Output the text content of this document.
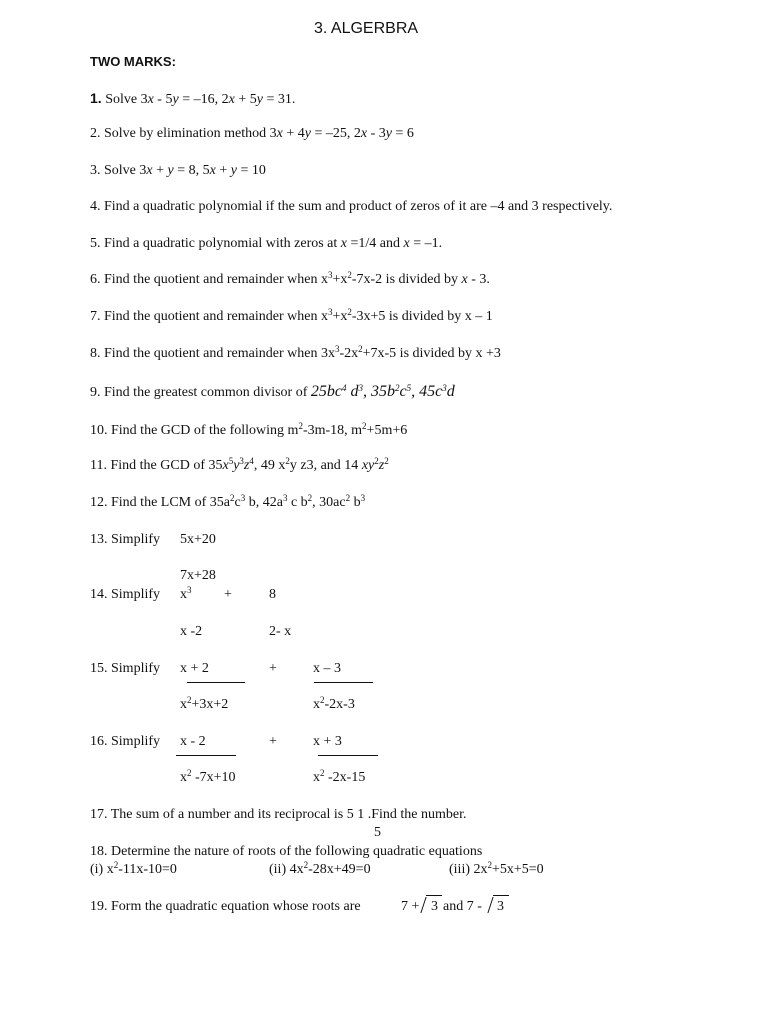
3. ALGERBRA
TWO MARKS:
1. Solve 3x - 5y = –16, 2x + 5y = 31.
2. Solve by elimination method 3x + 4y = –25, 2x - 3y = 6
3. Solve 3x + y = 8, 5x + y = 10
4. Find a quadratic polynomial if the sum and product of zeros of it are –4 and 3 respectively.
5. Find a quadratic polynomial with zeros at x =1/4 and x = –1.
6. Find the quotient and remainder when $x^3+x^2-7x-2$ is divided by x - 3.
7. Find the quotient and remainder when $x^3+x^2-3x+5$ is divided by x – 1
8. Find the quotient and remainder when $3x^3-2x^2+7x-5$ is divided by x +3
9. Find the greatest common divisor of $25bc^4$ $d^3$, $35b^2c^5$, $45c^3d$
10. Find the GCD of the following $m^2-3m-18$, $m^2+5m+6$
11. Find the GCD of $35x^5y^3z^4$, 49 $x^2y$ z3, and 14 $xy^2z^2$
12. Find the LCM of $35a^2c^3$ b, $42a^3$ c $b^2$, $30ac^2$ $b^3$
13. Simplify 5x+20
7x+28
14. Simplify $x^3$ +	8
x -2	2- x
15. Simplify x + 2	+	x – 3
$x^2+3x+2$	$x^2-2x-3$
16. Simplify x - 2	+	x + 3
$x^2$ -7x+10	$x^2$ -2x-15
17. The sum of a number and its reciprocal is 5 1 .Find the number.
5
18. Determine the nature of roots of the following quadratic equations
(i) $x^2-11x-10=0$	(ii) $4x^2-28x+49=0$	(iii) $2x^2+5x+5=0$
19. Form the quadratic equation whose roots are	7 + 3 and 7 - 3
